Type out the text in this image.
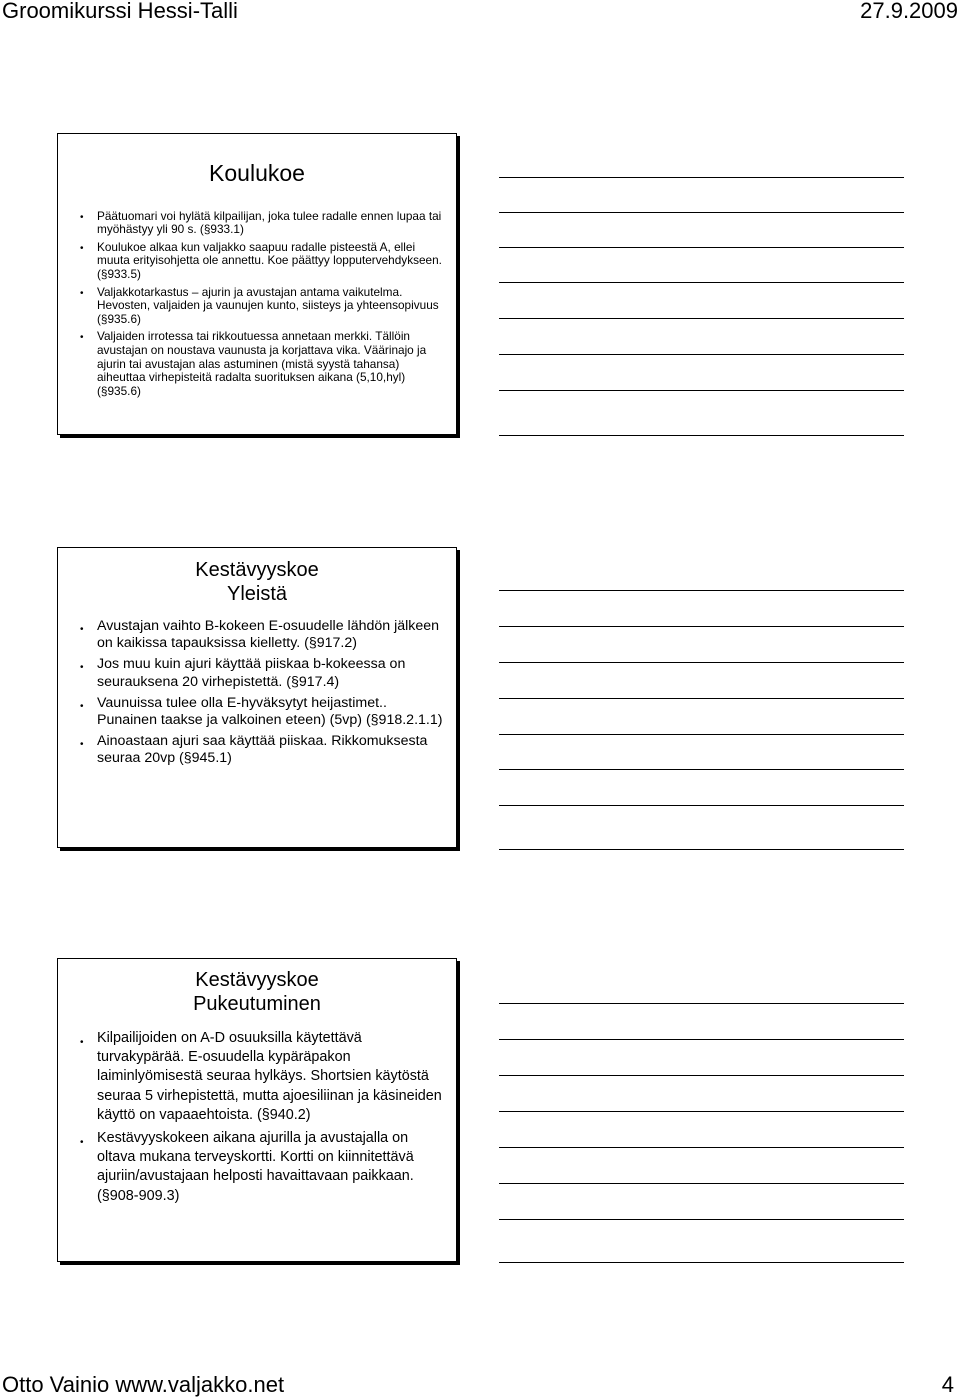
Groomikurssi Hessi-Talli	27.9.2009
Koulukoe
• Päätuomari voi hylätä kilpailijan, joka tulee radalle ennen lupaa tai myöhästyy yli 90 s. (§933.1)
• Koulukoe alkaa kun valjakko saapuu radalle pisteestä A, ellei muuta erityisohjetta ole annettu. Koe päättyy lopputervehdykseen. (§933.5)
• Valjakkotarkastus – ajurin ja avustajan antama vaikutelma. Hevosten, valjaiden ja vaunujen kunto, siisteys ja yhteensopivuus (§935.6)
• Valjaiden irrotessa tai rikkoutuessa annetaan merkki. Tällöin avustajan on noustava vaunusta ja korjattava vika. Väärinajo ja ajurin tai avustajan alas astuminen (mistä syystä tahansa) aiheuttaa virhepisteitä radalta suorituksen aikana (5,10,hyl) (§935.6)
Kestävyyskoe
Yleistä
• Avustajan vaihto B-kokeen E-osuudelle lähdön jälkeen on kaikissa tapauksissa kielletty. (§917.2)
• Jos muu kuin ajuri käyttää piiskaa b-kokeessa on seurauksena 20 virhepistettä. (§917.4)
• Vaunuissa tulee olla E-hyväksytyt heijastimet.. Punainen taakse ja valkoinen eteen) (5vp) (§918.2.1.1)
• Ainoastaan ajuri saa käyttää piiskaa. Rikkomuksesta seuraa 20vp (§945.1)
Kestävyyskoe
Pukeutuminen
• Kilpailijoiden on A-D osuuksilla käytettävä turvakypärää. E-osuudella kypäräpakon laiminlyömisestä seuraa hylkäys. Shortsien käytöstä seuraa 5 virhepistettä, mutta ajoesiliinan ja käsineiden käyttö on vapaaehtoista. (§940.2)
• Kestävyyskokeen aikana ajurilla ja avustajalla on oltava mukana terveyskortti. Kortti on kiinnitettävä ajuriin/avustajaan helposti havaittavaan paikkaan. (§908-909.3)
Otto Vainio www.valjakko.net	4
